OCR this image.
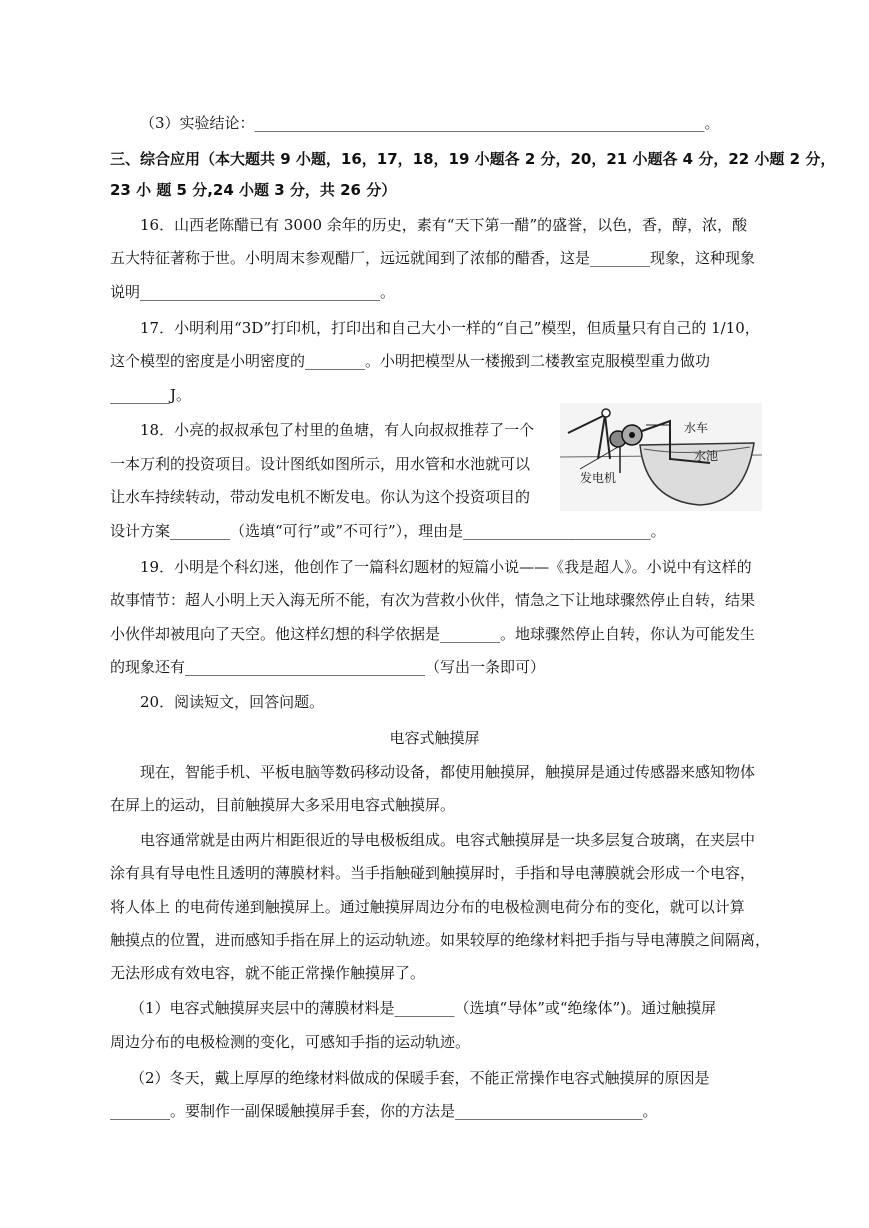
（3）实验结论：____________________________________________________________。
三、综合应用（本大题共 9 小题，16，17，18，19 小题各 2 分，20，21 小题各 4 分，22 小题 2 分，
23 小 题 5 分,24 小题 3 分，共 26 分）
16．山西老陈醋已有 3000 余年的历史，素有“天下第一醋”的盛誉，以色，香，醇，浓，酸
五大特征著称于世。小明周末参观醋厂，远远就闻到了浓郁的醋香，这是________现象，这种现象
说明________________________________。
17．小明利用“3D”打印机，打印出和自己大小一样的“自己”模型，但质量只有自己的 1/10，
这个模型的密度是小明密度的________。小明把模型从一楼搬到二楼教室克服模型重力做功
________J。
18．小亮的叔叔承包了村里的鱼塘，有人向叔叔推荐了一个
一本万利的投资项目。设计图纸如图所示，用水管和水池就可以
让水车持续转动，带动发电机不断发电。你认为这个投资项目的
设计方案________（选填“可行”或”不可行”），理由是_________________________。
水车
水池
发电机
19．小明是个科幻迷，他创作了一篇科幻题材的短篇小说——《我是超人》。小说中有这样的
故事情节：超人小明上天入海无所不能，有次为营救小伙伴，情急之下让地球骤然停止自转，结果
小伙伴却被甩向了天空。他这样幻想的科学依据是________。地球骤然停止自转，你认为可能发生
的现象还有________________________________（写出一条即可）
20．阅读短文，回答问题。
电容式触摸屏
现在，智能手机、平板电脑等数码移动设备，都使用触摸屏，触摸屏是通过传感器来感知物体
在屏上的运动，目前触摸屏大多采用电容式触摸屏。
电容通常就是由两片相距很近的导电极板组成。电容式触摸屏是一块多层复合玻璃，在夹层中
涂有具有导电性且透明的薄膜材料。当手指触碰到触摸屏时，手指和导电薄膜就会形成一个电容，
将人体上 的电荷传递到触摸屏上。通过触摸屏周边分布的电极检测电荷分布的变化，就可以计算
触摸点的位置，进而感知手指在屏上的运动轨迹。如果较厚的绝缘材料把手指与导电薄膜之间隔离，
无法形成有效电容，就不能正常操作触摸屏了。
（1）电容式触摸屏夹层中的薄膜材料是________（选填“导体”或“绝缘体”)。通过触摸屏
周边分布的电极检测的变化，可感知手指的运动轨迹。
（2）冬天，戴上厚厚的绝缘材料做成的保暖手套，不能正常操作电容式触摸屏的原因是
________。要制作一副保暖触摸屏手套，你的方法是_________________________。
